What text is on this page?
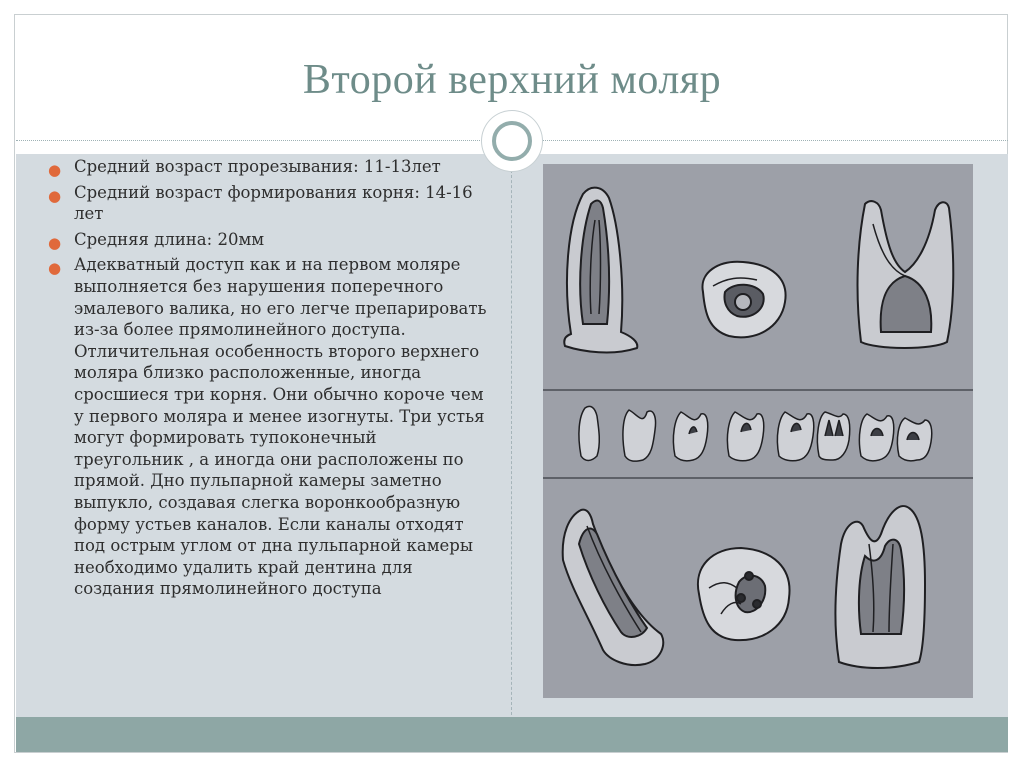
Второй верхний моляр
● Средний возраст прорезывания: 11-13лет
● Средний возраст формирования корня: 14-16 лет
● Средняя длина: 20мм
● Адекватный доступ как и на первом моляре выполняется без нарушения поперечного эмалевого валика, но его легче препарировать из-за более прямолинейного доступа. Отличительная особенность второго верхнего моляра близко расположенные, иногда сросшиеся три корня. Они обычно короче чем у первого моляра и менее изогнуты. Три устья могут формировать тупоконечный треугольник , а иногда они расположены по прямой. Дно пульпарной камеры заметно выпукло, создавая слегка воронкообразную форму устьев каналов. Если каналы отходят под острым углом от дна пульпарной камеры необходимо удалить край дентина для создания прямолинейного доступа
